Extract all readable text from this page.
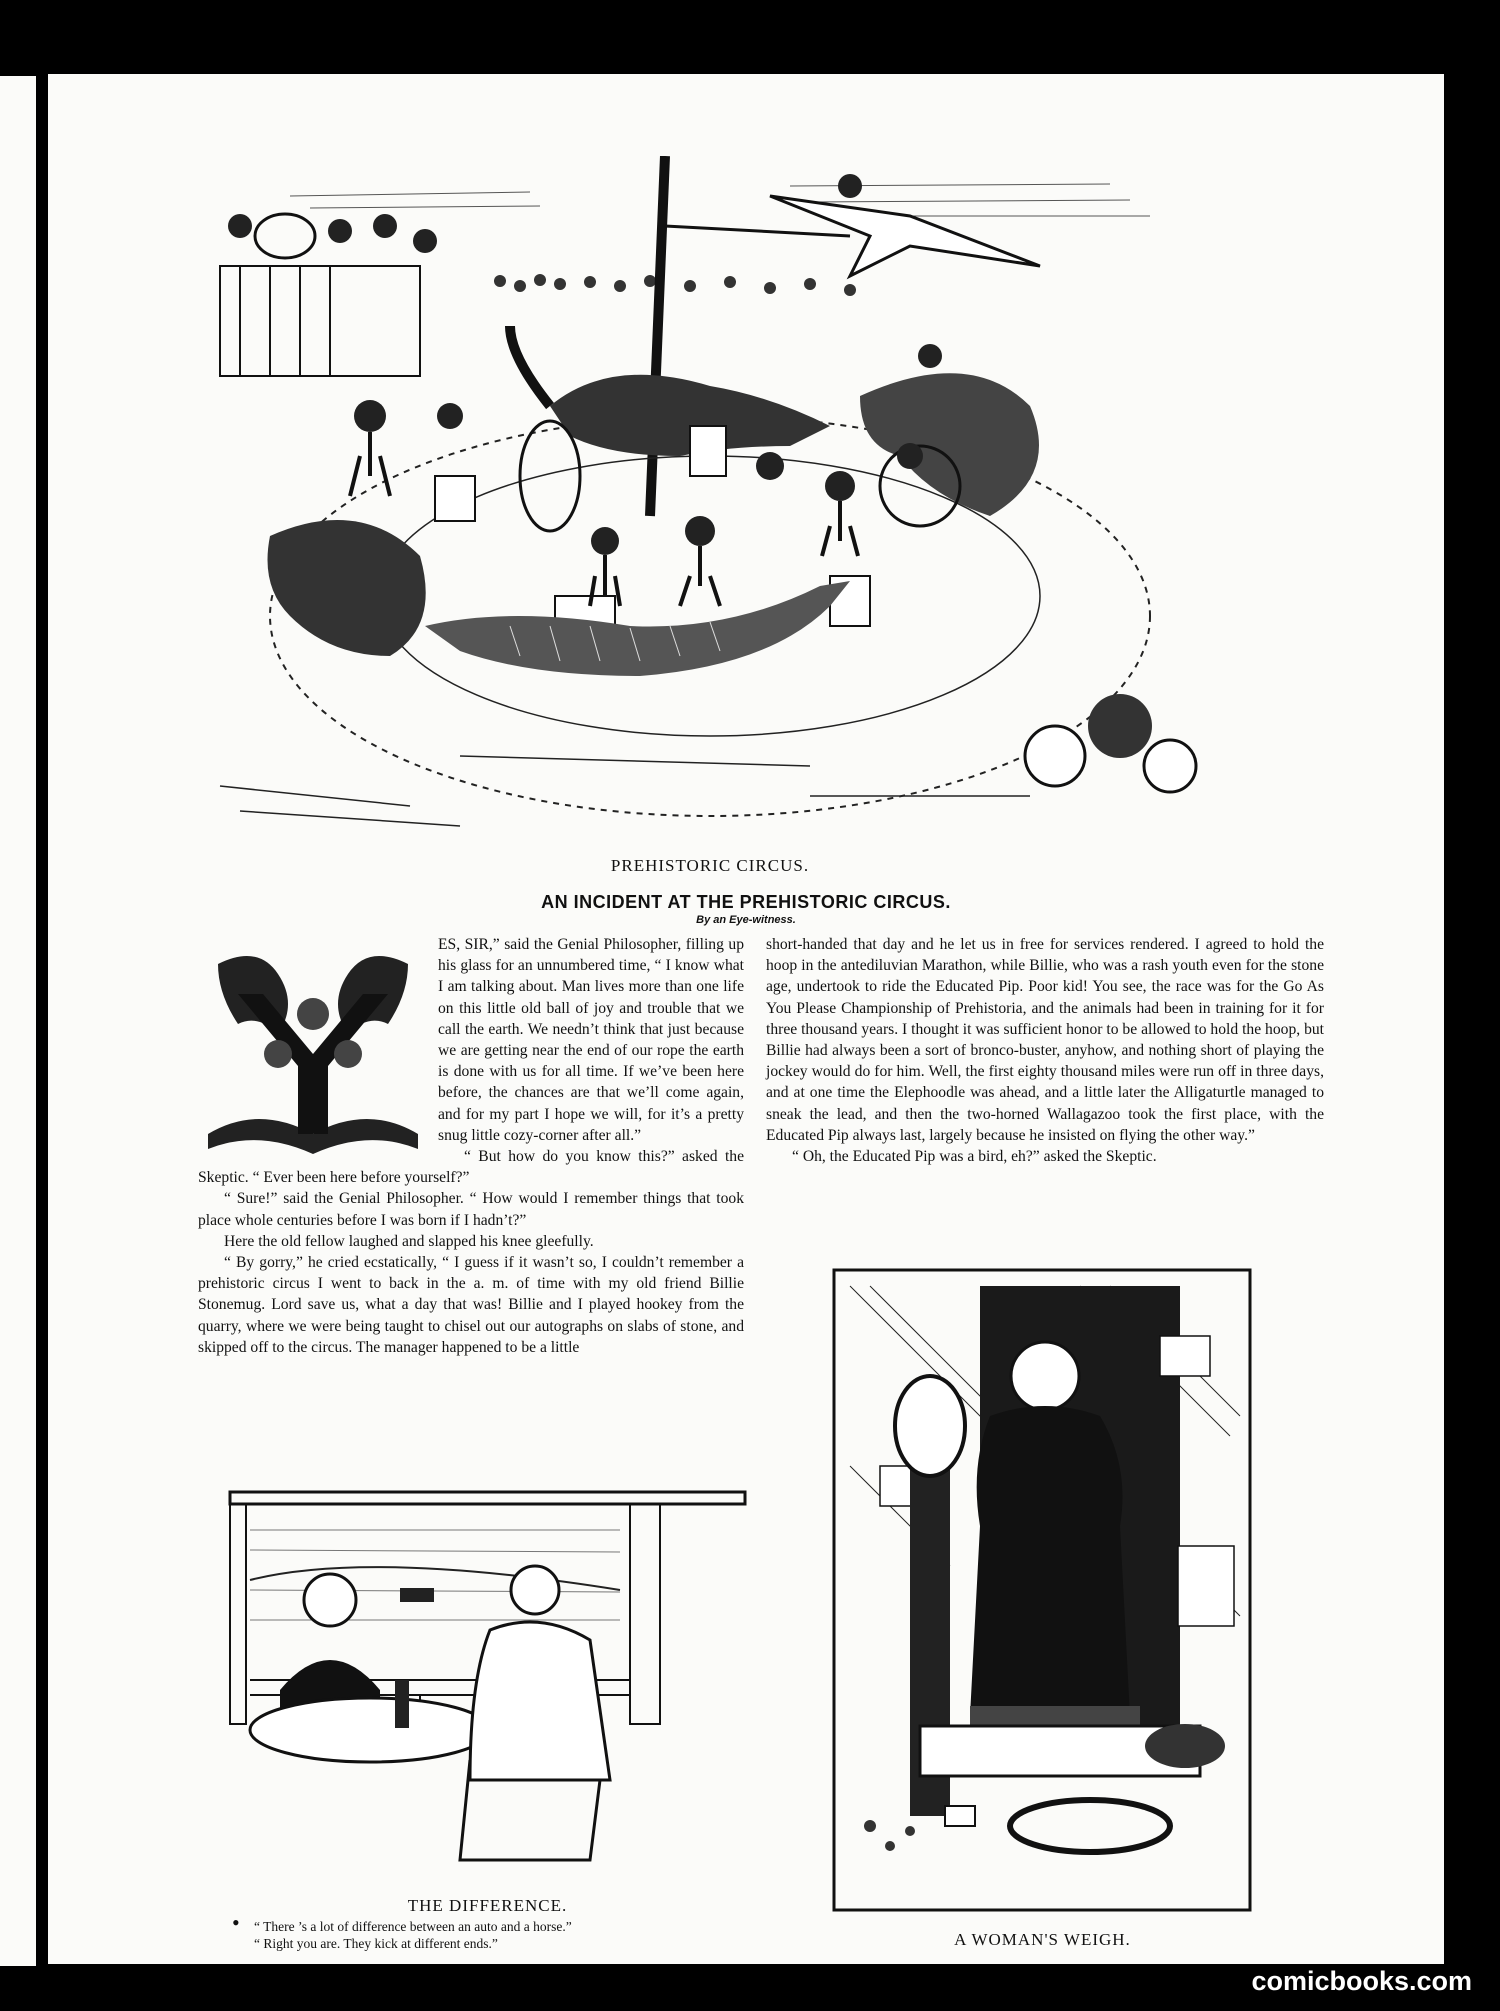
PREHISTORIC CIRCUS.
AN INCIDENT AT THE PREHISTORIC CIRCUS.
By an Eye-witness.
Y

ES, SIR,” said the Genial Philosopher, filling up his glass for an unnumbered time, “ I know what I am talking about. Man lives more than one life on this little old ball of joy and trouble that we call the earth. We needn’t think that just because we are getting near the end of our rope the earth is done with us for all time. If we’ve been here before, the chances are that we’ll come again, and for my part I hope we will, for it’s a pretty snug little cozy-corner after all.”

“ But how do you know this?” asked the Skeptic. “ Ever been here before yourself?”

“ Sure!” said the Genial Philosopher. “ How would I remember things that took place whole centuries before I was born if I hadn’t?”

Here the old fellow laughed and slapped his knee gleefully.

“ By gorry,” he cried ecstatically, “ I guess if it wasn’t so, I couldn’t remember a prehistoric circus I went to back in the a. m. of time with my old friend Billie Stonemug. Lord save us, what a day that was! Billie and I played hookey from the quarry, where we were being taught to chisel out our autographs on slabs of stone, and skipped off to the circus. The manager happened to be a little

short-handed that day and he let us in free for services rendered. I agreed to hold the hoop in the antediluvian Marathon, while Billie, who was a rash youth even for the stone age, undertook to ride the Educated Pip. Poor kid! You see, the race was for the Go As You Please Championship of Prehistoria, and the animals had been in training for it for three thousand years. I thought it was sufficient honor to be allowed to hold the hoop, but Billie had always been a sort of bronco-buster, anyhow, and nothing short of playing the jockey would do for him. Well, the first eighty thousand miles were run off in three days, and at one time the Elephoodle was ahead, and a little later the Alligaturtle managed to sneak the lead, and then the two-horned Wallagazoo took the first place, with the Educated Pip always last, largely because he insisted on flying the other way.”

“ Oh, the Educated Pip was a bird, eh?” asked the Skeptic.

THE DIFFERENCE.
“ There ’s a lot of difference between an auto and a horse.”
“ Right you are. They kick at different ends.”	A WOMAN'S WEIGH.
•
comicbooks.com
